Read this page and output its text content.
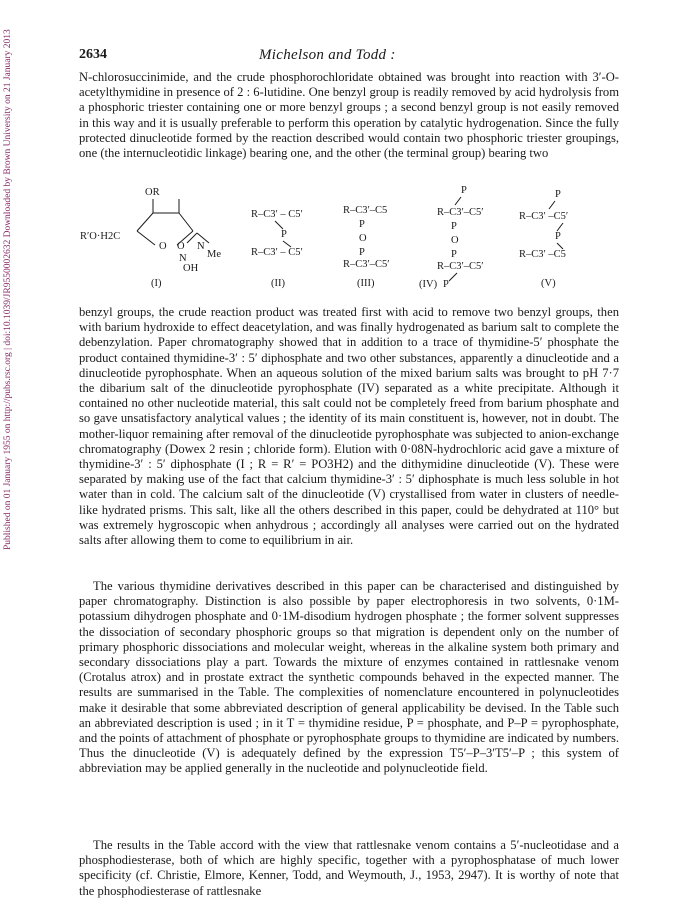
Published on 01 January 1955 on http://pubs.rsc.org | doi:10.1039/JR9550002632 Downloaded by Brown University on 21 January 2013	2634	Michelson and Todd :

N-chlorosuccinimide, and the crude phosphorochloridate obtained was brought into reaction with 3′-O-acetylthymidine in presence of 2 : 6-lutidine. One benzyl group is readily removed by acid hydrolysis from a phosphoric triester containing one or more benzyl groups ; a second benzyl group is not easily removed in this way and it is usually preferable to perform this operation by catalytic hydrogenation. Since the fully protected dinucleotide formed by the reaction described would contain two phosphoric triester groupings, one (the internucleotidic linkage) bearing one, and the other (the terminal group) bearing two

OR
R′O·H2C
O O N
Me
N
OH
(I)
R–C3′ – C5′
P
R–C3′ – C5′
(II)
R–C3′–C5
P
O
P
R–C3′–C5′
(III)
P
R–C3′–C5′
P
O
P
R–C3′–C5′
P
(IV)
P
R–C3′ –C5′
P
R–C3′ –C5
(V)

benzyl groups, the crude reaction product was treated first with acid to remove two benzyl groups, then with barium hydroxide to effect deacetylation, and was finally hydrogenated as barium salt to complete the debenzylation. Paper chromatography showed that in addition to a trace of thymidine-5′ phosphate the product contained thymidine-3′ : 5′ diphosphate and two other substances, apparently a dinucleotide and a dinucleotide pyrophosphate. When an aqueous solution of the mixed barium salts was brought to pH 7·7 the dibarium salt of the dinucleotide pyrophosphate (IV) separated as a white precipitate. Although it contained no other nucleotide material, this salt could not be completely freed from barium phosphate and so gave unsatisfactory analytical values ; the identity of its main constituent is, however, not in doubt. The mother-liquor remaining after removal of the dinucleotide pyrophosphate was subjected to anion-exchange chromatography (Dowex 2 resin ; chloride form). Elution with 0·08N-hydrochloric acid gave a mixture of thymidine-3′ : 5′ diphosphate (I ; R = R′ = PO3H2) and the dithymidine dinucleotide (V). These were separated by making use of the fact that calcium thymidine-3′ : 5′ diphosphate is much less soluble in hot water than in cold. The calcium salt of the dinucleotide (V) crystallised from water in clusters of needle-like hydrated prisms. This salt, like all the others described in this paper, could be dehydrated at 110° but was extremely hygroscopic when anhydrous ; accordingly all analyses were carried out on the hydrated salts after allowing them to come to equilibrium in air.

The various thymidine derivatives described in this paper can be characterised and distinguished by paper chromatography. Distinction is also possible by paper electrophoresis in two solvents, 0·1M-potassium dihydrogen phosphate and 0·1M-disodium hydrogen phosphate ; the former solvent suppresses the dissociation of secondary phosphoric groups so that migration is dependent only on the number of primary phosphoric dissociations and molecular weight, whereas in the alkaline system both primary and secondary dissociations play a part. Towards the mixture of enzymes contained in rattlesnake venom (Crotalus atrox) and in prostate extract the synthetic compounds behaved in the expected manner. The results are summarised in the Table. The complexities of nomenclature encountered in polynucleotides make it desirable that some abbreviated description of general applicability be devised. In the Table such an abbreviated description is used ; in it T = thymidine residue, P = phosphate, and P–P = pyrophosphate, and the points of attachment of phosphate or pyrophosphate groups to thymidine are indicated by numbers. Thus the dinucleotide (V) is adequately defined by the expression T5′–P–3′T5′–P ; this system of abbreviation may be applied generally in the nucleotide and polynucleotide field.

The results in the Table accord with the view that rattlesnake venom contains a 5′-nucleotidase and a phosphodiesterase, both of which are highly specific, together with a pyrophosphatase of much lower specificity (cf. Christie, Elmore, Kenner, Todd, and Weymouth, J., 1953, 2947). It is worthy of note that the phosphodiesterase of rattlesnake
